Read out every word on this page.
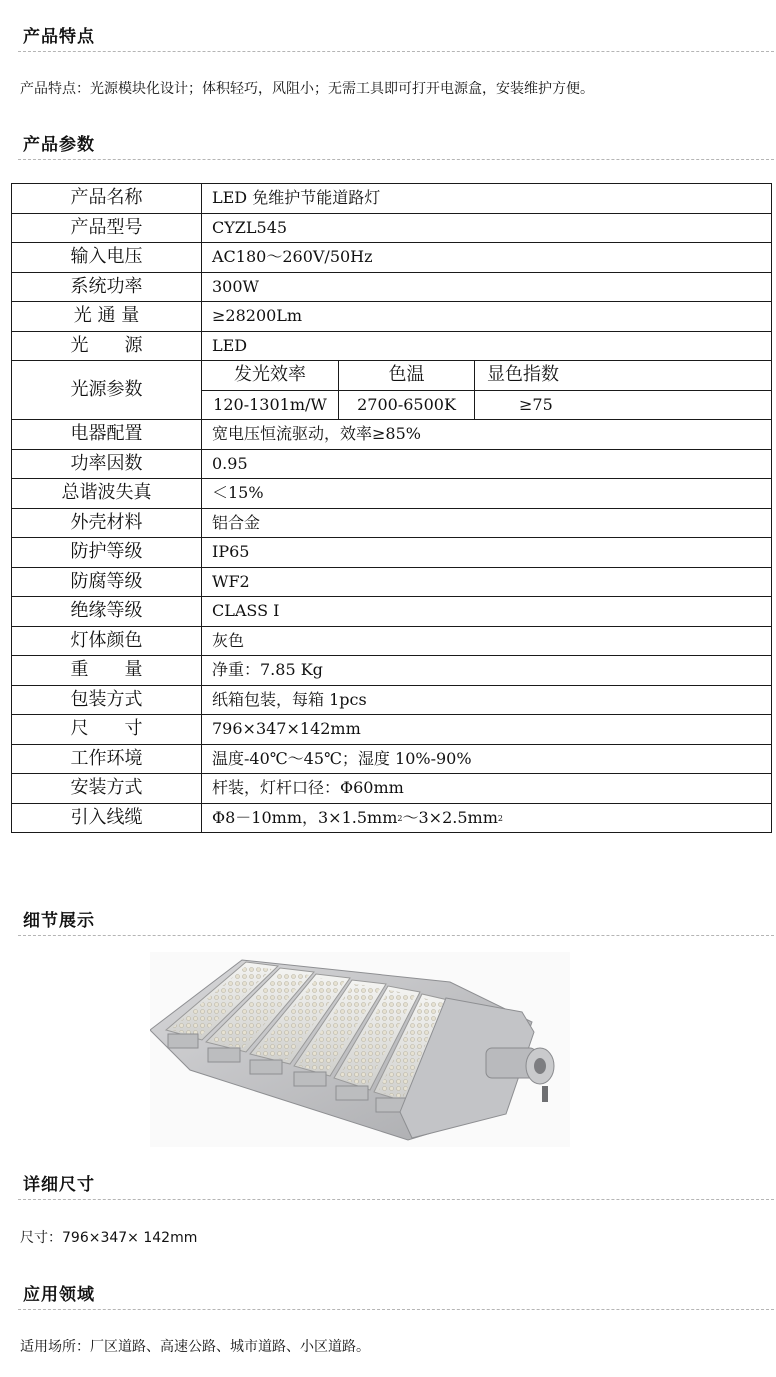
产品特点
产品特点：光源模块化设计；体积轻巧，风阻小；无需工具即可打开电源盒，安装维护方便。
产品参数
产品名称	LED 免维护节能道路灯		
产品型号	CYZL545		
输入电压	AC180～260V/50Hz		
系统功率	300W		
光 通 量	≥28200Lm		
光　　源	LED		
光源参数	发光效率	色温	显色指数
	120-1301m/W	2700-6500K	≥75
电器配置	宽电压恒流驱动，效率≥85%		
功率因数	0.95		
总谐波失真	＜15%		
外壳材料	铝合金		
防护等级	IP65		
防腐等级	WF2		
绝缘等级	CLASS Ⅰ		
灯体颜色	灰色		
重　　量	净重：7.85 Kg		
包装方式	纸箱包装，每箱 1pcs		
尺　　寸	796×347×142mm		
工作环境	温度-40℃～45℃；湿度 10%-90%		
安装方式	杆装，灯杆口径：Φ60mm		
引入线缆	Φ8－10mm，$3\times 1.5mm^2\sim 3\times 2.5mm^2$
细节展示
详细尺寸
尺寸：796×347× 142mm
应用领域
适用场所：厂区道路、高速公路、城市道路、小区道路。
